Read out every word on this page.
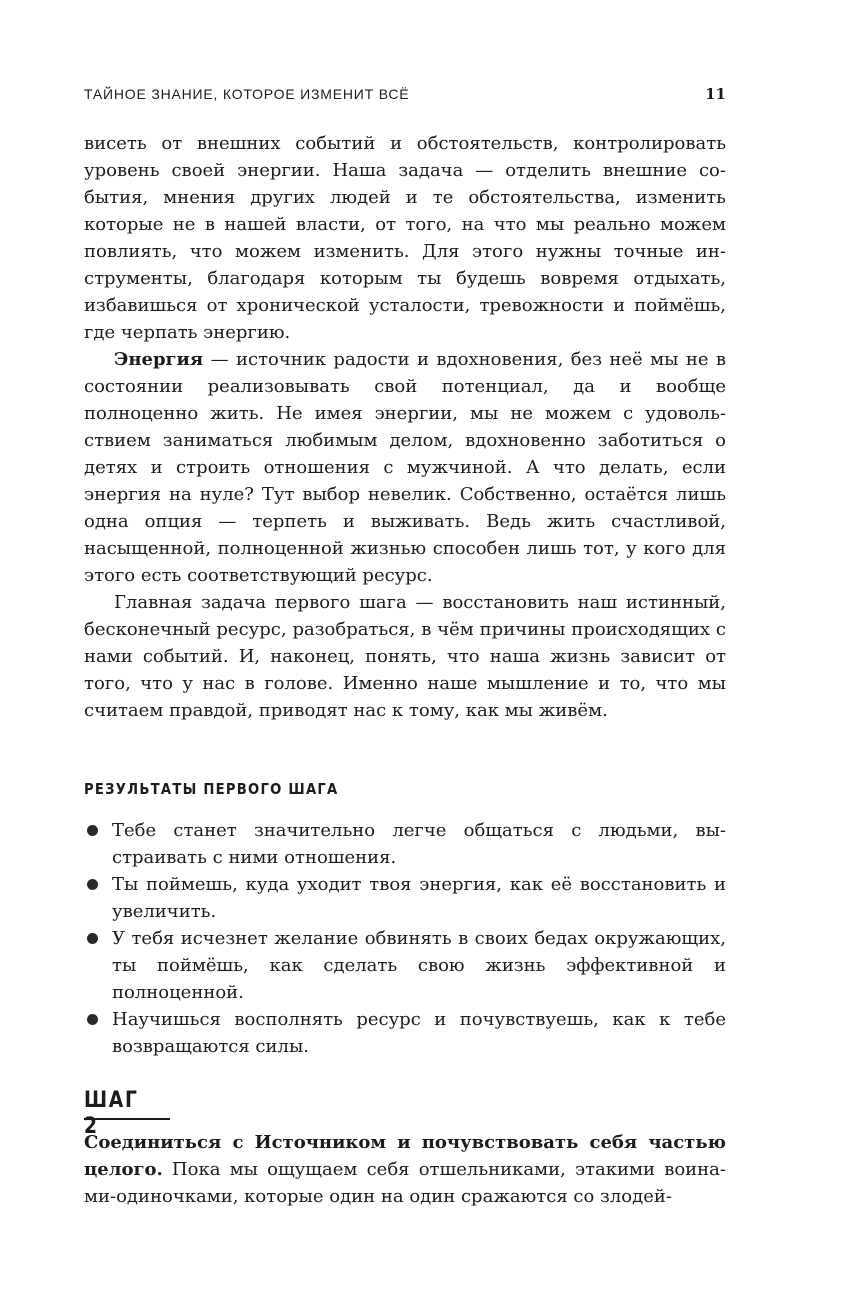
ТАЙНОЕ ЗНАНИЕ, КОТОРОЕ ИЗМЕНИТ ВСЁ	11

висеть от внешних событий и обстоятельств, контролировать уровень своей энергии. Наша задача — отделить внешние события, мнения других людей и те обстоятельства, изменить которые не в нашей власти, от того, на что мы реально можем повлиять, что можем изменить. Для этого нужны точные инструменты, благодаря которым ты будешь вовремя отдыхать, избавишься от хронической усталости, тревожности и поймёшь, где черпать энергию.

Энергия — источник радости и вдохновения, без неё мы не в состоянии реализовывать свой потенциал, да и вообще полноценно жить. Не имея энергии, мы не можем с удовольствием заниматься любимым делом, вдохновенно заботиться о детях и строить отношения с мужчиной. А что делать, если энергия на нуле? Тут выбор невелик. Собственно, остаётся лишь одна опция — терпеть и выживать. Ведь жить счастливой, насыщенной, полноценной жизнью способен лишь тот, у кого для этого есть соответствующий ресурс.

Главная задача первого шага — восстановить наш истинный, бесконечный ресурс, разобраться, в чём причины происходящих с нами событий. И, наконец, понять, что наша жизнь зависит от того, что у нас в голове. Именно наше мышление и то, что мы считаем правдой, приводят нас к тому, как мы живём.

РЕЗУЛЬТАТЫ ПЕРВОГО ШАГА
Тебе станет значительно легче общаться с людьми, выстраивать с ними отношения.
Ты поймешь, куда уходит твоя энергия, как её восстановить и увеличить.
У тебя исчезнет желание обвинять в своих бедах окружающих, ты поймёшь, как сделать свою жизнь эффективной и полноценной.
Научишься восполнять ресурс и почувствуешь, как к тебе возвращаются силы.
ШАГ 2

Соединиться с Источником и почувствовать себя частью целого. Пока мы ощущаем себя отшельниками, этакими воинами-одиночками, которые один на один сражаются со злодей-
